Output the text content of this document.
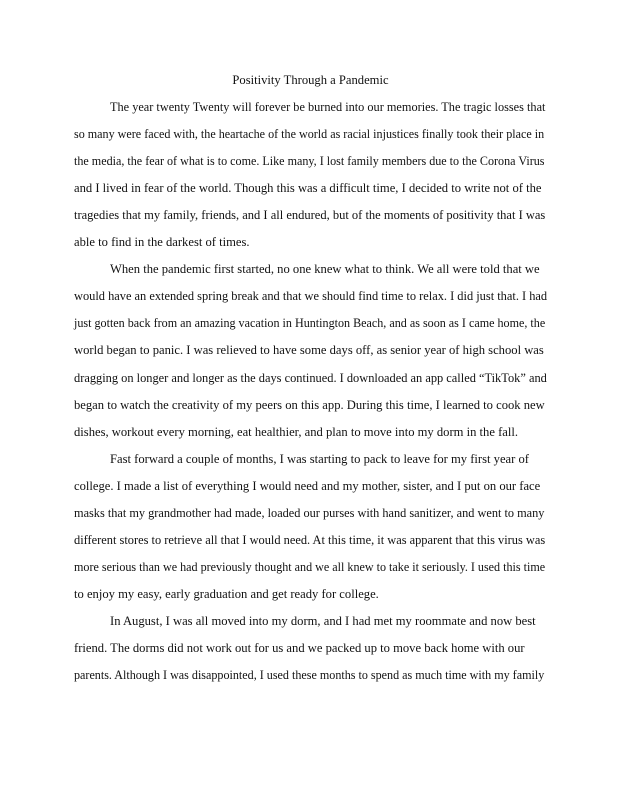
Positivity Through a Pandemic

The year twenty Twenty will forever be burned into our memories. The tragic losses that
so many were faced with, the heartache of the world as racial injustices finally took their place in
the media, the fear of what is to come. Like many, I lost family members due to the Corona Virus
and I lived in fear of the world. Though this was a difficult time, I decided to write not of the
tragedies that my family, friends, and I all endured, but of the moments of positivity that I was
able to find in the darkest of times.

When the pandemic first started, no one knew what to think. We all were told that we
would have an extended spring break and that we should find time to relax. I did just that. I had
just gotten back from an amazing vacation in Huntington Beach, and as soon as I came home, the
world began to panic. I was relieved to have some days off, as senior year of high school was
dragging on longer and longer as the days continued. I downloaded an app called “TikTok” and
began to watch the creativity of my peers on this app. During this time, I learned to cook new
dishes, workout every morning, eat healthier, and plan to move into my dorm in the fall.

Fast forward a couple of months, I was starting to pack to leave for my first year of
college. I made a list of everything I would need and my mother, sister, and I put on our face
masks that my grandmother had made, loaded our purses with hand sanitizer, and went to many
different stores to retrieve all that I would need. At this time, it was apparent that this virus was
more serious than we had previously thought and we all knew to take it seriously. I used this time
to enjoy my easy, early graduation and get ready for college.

In August, I was all moved into my dorm, and I had met my roommate and now best
friend. The dorms did not work out for us and we packed up to move back home with our
parents. Although I was disappointed, I used these months to spend as much time with my family
